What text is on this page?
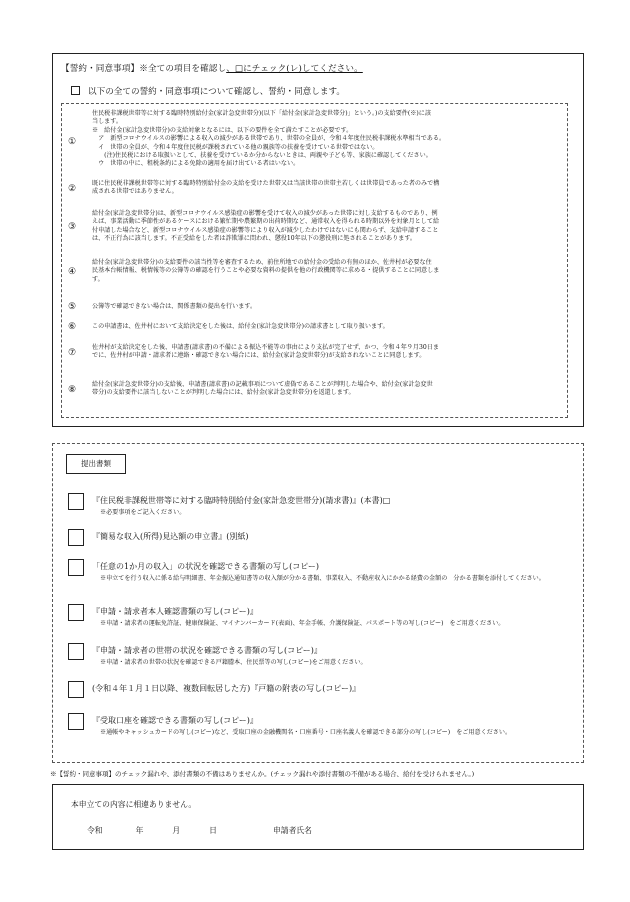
【誓約・同意事項】※全ての項目を確認し、□にチェック(レ)してください。
以下の全ての誓約・同意事項について確認し、誓約・同意します。
①
住民税非課税世帯等に対する臨時特別給付金(家計急変世帯分)(以下「給付金(家計急変世帯分)」という。)の支給要件(※)に該
当します。
※　給付金(家計急変世帯分)の支給対象となるには、以下の要件を全て満たすことが必要です。
　ア　新型コロナウイルスの影響による収入の減少がある世帯であり、世帯の全員が、令和４年度住民税非課税水準相当である。
　イ　世帯の全員が、令和４年度住民税が課税されている他の親族等の扶養を受けている世帯ではない。
　　(注)住民税における取扱いとして、扶養を受けているか分からないときは、両親や子ども等、家族に確認してください。
　ウ　世帯の中に、租税条約による免除の適用を届け出ている者はいない。
②
既に住民税非課税世帯等に対する臨時特別給付金の支給を受けた世帯又は当該世帯の世帯主若しくは世帯員であった者のみで構
成される世帯ではありません。
③
給付金(家計急変世帯分)は、新型コロナウイルス感染症の影響を受けて収入の減少があった世帯に対し支給するものであり、例
えば、事業活動に季節性があるケースにおける繁忙期や農繁期の出荷時期など、通常収入を得られる時期以外を対象月として給
付申請した場合など、新型コロナウイルス感染症の影響等により収入が減少したわけではないにも関わらず、支給申請すること
は、不正行為に該当します。不正受給をした者は詐欺罪に問われ、懲役10年以下の懲役刑に処されることがあります。
④
給付金(家計急変世帯分)の支給要件の該当性等を審査するため、前住所地での給付金の受給の有無のほか、佐井村が必要な住
民基本台帳情報、税情報等の公簿等の確認を行うことや必要な資料の提供を他の行政機関等に求める・提供することに同意しま
す。
⑤	公簿等で確認できない場合は、関係書類の提出を行います。
⑥	この申請書は、佐井村において支給決定をした後は、給付金(家計急変世帯分)の請求書として取り扱います。
⑦
佐井村が支給決定をした後、申請書(請求書)の不備による振込不能等の事由により支払が完了せず、かつ、令和４年９月30日ま
でに、佐井村が申請・請求者に連絡・確認できない場合には、給付金(家計急変世帯分)が支給されないことに同意します。
⑧
給付金(家計急変世帯分)の支給後、申請書(請求書)の記載事項について虚偽であることが判明した場合や、給付金(家計急変世
帯分)の支給要件に該当しないことが判明した場合には、給付金(家計急変世帯分)を返還します。
提出書類
『住民税非課税世帯等に対する臨時特別給付金(家計急変世帯分)(請求書)』(本書)□
※必要事項をご記入ください。
『簡易な収入(所得)見込額の申立書』(別紙)
「任意の1か月の収入」の状況を確認できる書類の写し(コピー)
※申立てを行う収入に係る給与明細書、年金振込通知書等の収入額が分かる書類、事業収入、不動産収入にかかる経費の金額の　分かる書類を添付してください。
『申請・請求者本人確認書類の写し(コピー)』
※申請・請求者の運転免許証、健康保険証、マイナンバーカード(表面)、年金手帳、介護保険証、パスポート等の写し(コピー)　をご用意ください。
『申請・請求者の世帯の状況を確認できる書類の写し(コピー)』
※申請・請求者の世帯の状況を確認できる戸籍謄本、住民票等の写し(コピー)をご用意ください。
(令和４年１月１日以降、複数回転居した方)『戸籍の附表の写し(コピー)』
『受取口座を確認できる書類の写し(コピー)』
※通帳やキャッシュカードの写し(コピー)など、受取口座の金融機関名・口座番号・口座名義人を確認できる部分の写し(コピー)　をご用意ください。
※【誓約・同意事項】のチェック漏れや、添付書類の不備はありませんか。(チェック漏れや添付書類の不備がある場合、給付を受けられません。)
本申立ての内容に相違ありません。
令和	年	月	日	申請者氏名
